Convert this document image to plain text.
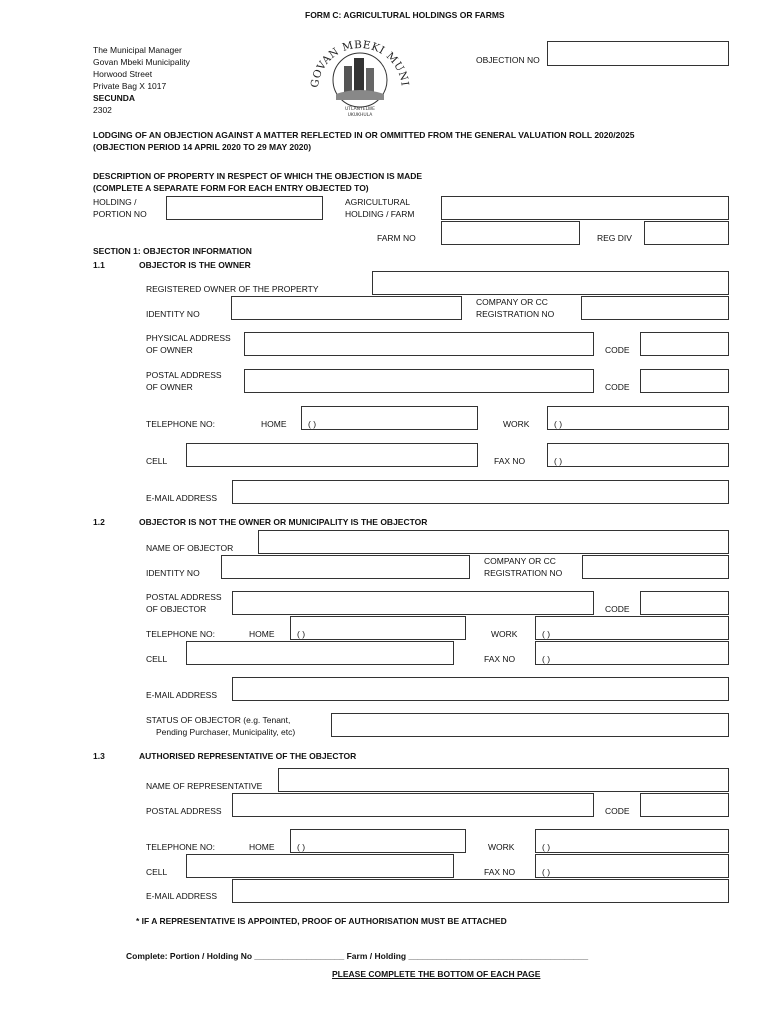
FORM C: AGRICULTURAL HOLDINGS OR FARMS
The Municipal Manager
Govan Mbeki Municipality
Horwood Street
Private Bag X 1017
SECUNDA
2302
GOVAN MBEKI MUNI
UTLANYELWE
UKUKHULA
OBJECTION NO
LODGING OF AN OBJECTION AGAINST A MATTER REFLECTED IN OR OMMITTED FROM THE GENERAL VALUATION ROLL 2020/2025
(OBJECTION PERIOD 14 APRIL 2020 TO 29 MAY 2020)
DESCRIPTION OF PROPERTY IN RESPECT OF WHICH THE OBJECTION IS MADE
(COMPLETE A SEPARATE FORM FOR EACH ENTRY OBJECTED TO)
HOLDING /
PORTION NO
AGRICULTURAL
HOLDING / FARM
FARM NO	REG DIV
SECTION 1: OBJECTOR INFORMATION
1.1	OBJECTOR IS THE OWNER
REGISTERED OWNER OF THE PROPERTY
IDENTITY NO
COMPANY OR CC
REGISTRATION NO
PHYSICAL ADDRESS
OF OWNER	CODE
POSTAL ADDRESS
OF OWNER	CODE
TELEPHONE NO:	HOME	( )	WORK	( )
CELL	FAX NO	( )
E-MAIL ADDRESS
1.2	OBJECTOR IS NOT THE OWNER OR MUNICIPALITY IS THE OBJECTOR
NAME OF OBJECTOR
IDENTITY NO
COMPANY OR CC
REGISTRATION NO
POSTAL ADDRESS
OF OBJECTOR	CODE
TELEPHONE NO:	HOME	( )	WORK	( )
CELL	FAX NO	( )
E-MAIL ADDRESS
STATUS OF OBJECTOR (e.g. Tenant,
Pending Purchaser, Municipality, etc)
1.3	AUTHORISED REPRESENTATIVE OF THE OBJECTOR
NAME OF REPRESENTATIVE
POSTAL ADDRESS	CODE
TELEPHONE NO:	HOME	( )	WORK	( )
CELL	FAX NO	( )
E-MAIL ADDRESS
* IF A REPRESENTATIVE IS APPOINTED, PROOF OF AUTHORISATION MUST BE ATTACHED
Complete: Portion / Holding No ___________________ Farm / Holding ______________________________________
PLEASE COMPLETE THE BOTTOM OF EACH PAGE
